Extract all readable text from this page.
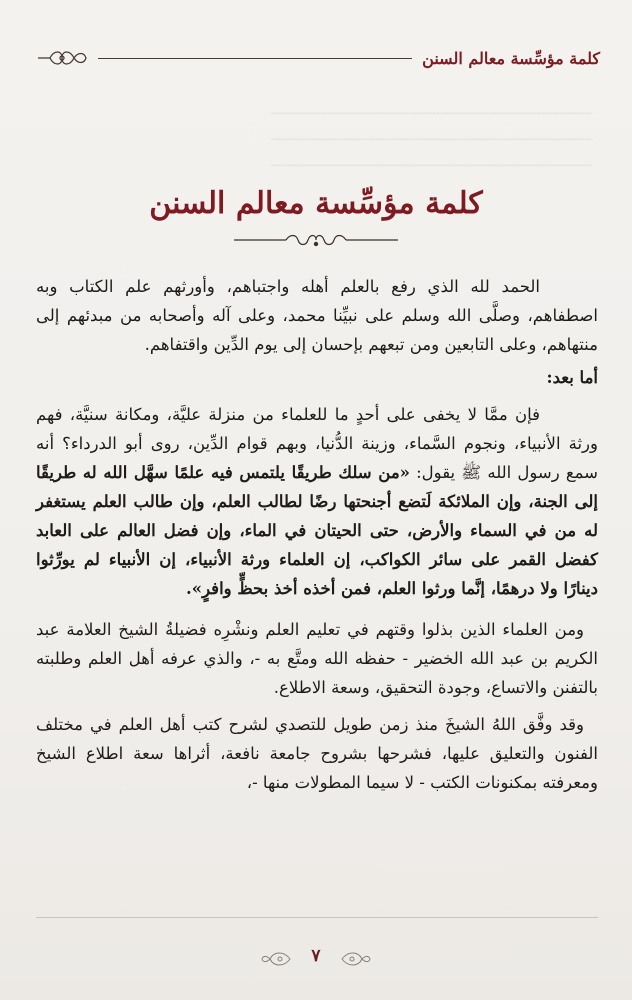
ـــــــــــــــــــــــــــــــــــــــــــــــــــــــــــــــــــــــــ
ـــــــــــــــــــــــــــــــــــــــــــــــــــــــــــــــــــــــــ
ـــــــــــــــــــــــــــــــــــــــــــــــــــــــــــــــــــــــــ
كلمة مؤسِّسة معالم السنن
كلمة مؤسِّسة معالم السنن

الحمد لله الذي رفع بالعلم أهله واجتباهم، وأورثهم علم الكتاب وبه اصطفاهم، وصلَّى الله وسلم على نبيِّنا محمد، وعلى آله وأصحابه من مبدئهم إلى منتهاهم، وعلى التابعين ومن تبعهم بإحسان إلى يوم الدِّين واقتفاهم.

أما بعد:

فإن ممَّا لا يخفى على أحدٍ ما للعلماء من منزلة عليَّة، ومكانة سنيَّة، فهم ورثة الأنبياء، ونجوم السَّماء، وزينة الدُّنيا، وبهم قوام الدِّين، روى أبو الدرداء؟ أنه سمع رسول الله ﷺ يقول: «من سلك طريقًا يلتمس فيه علمًا سهَّل الله له طريقًا إلى الجنة، وإن الملائكة لَتضع أجنحتها رضًا لطالب العلم، وإن طالب العلم يستغفر له من في السماء والأرض، حتى الحيتان في الماء، وإن فضل العالم على العابد كفضل القمر على سائر الكواكب، إن العلماء ورثة الأنبياء، إن الأنبياء لم يورِّثوا دينارًا ولا درهمًا، إنَّما ورثوا العلم، فمن أخذه أخذ بحظٍّ وافرٍ».

ومن العلماء الذين بذلوا وقتهم في تعليم العلم ونشْرِه فضيلةُ الشيخ العلامة عبد الكريم بن عبد الله الخضير - حفظه الله ومتَّع به -، والذي عرفه أهل العلم وطلبته بالتفنن والاتساع، وجودة التحقيق، وسعة الاطلاع.

وقد وفَّق اللهُ الشيخَ منذ زمن طويل للتصدي لشرح كتب أهل العلم في مختلف الفنون والتعليق عليها، فشرحها بشروح جامعة نافعة، أثراها سعة اطلاع الشيخ ومعرفته بمكنونات الكتب - لا سيما المطولات منها -،

٧
